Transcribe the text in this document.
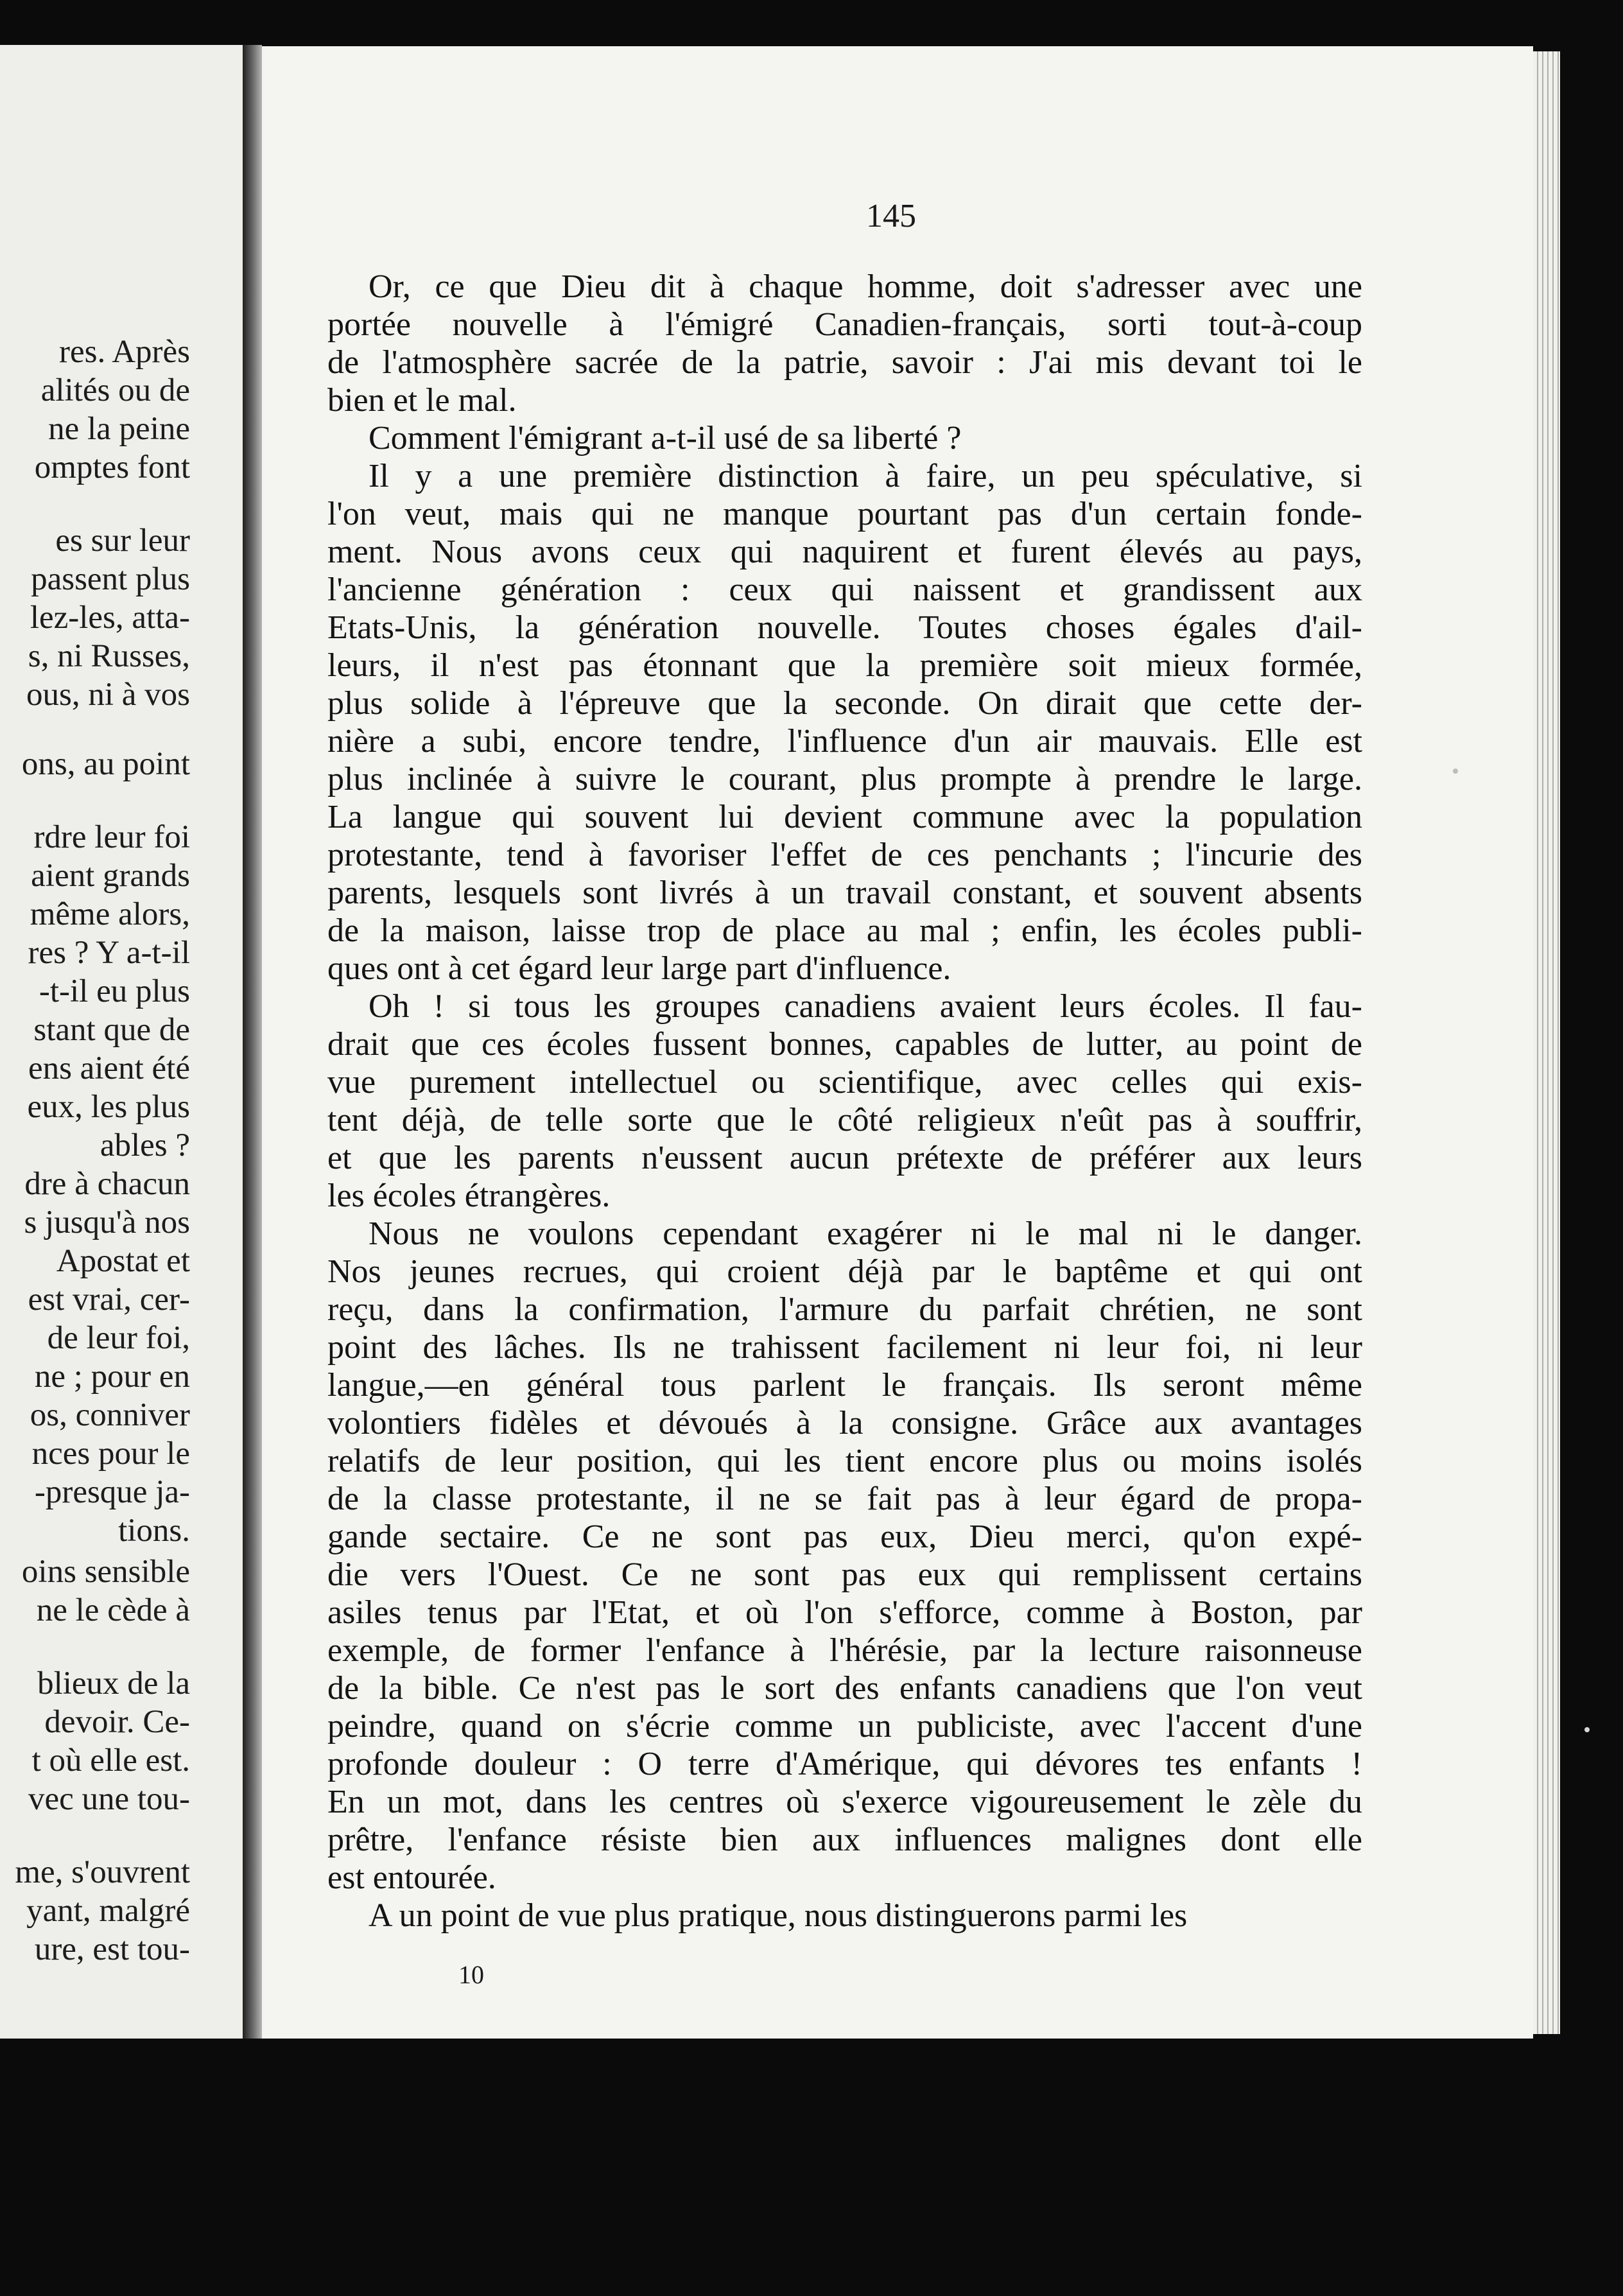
res. Après
alités ou de
ne la peine
omptes font
es sur leur
passent plus
lez-les, atta-
s, ni Russes,
ous, ni à vos
ons, au point
rdre leur foi
aient grands
même alors,
res ? Y a-t-il
-t-il eu plus
stant que de
ens aient été
eux, les plus
ables ?
dre à chacun
s jusqu'à nos
Apostat et
est vrai, cer-
de leur foi,
ne ; pour en
os, conniver
nces pour le
-presque ja-
tions.
oins sensible
ne le cède à
blieux de la
devoir. Ce-
t où elle est.
vec une tou-
me, s'ouvrent
yant, malgré
ure, est tou-
145
Or, ce que Dieu dit à chaque homme, doit s'adresser avec une
portée nouvelle à l'émigré Canadien-français, sorti tout-à-coup
de l'atmosphère sacrée de la patrie, savoir : J'ai mis devant toi le
bien et le mal.
Comment l'émigrant a-t-il usé de sa liberté ?
Il y a une première distinction à faire, un peu spéculative, si
l'on veut, mais qui ne manque pourtant pas d'un certain fonde-
ment. Nous avons ceux qui naquirent et furent élevés au pays,
l'ancienne génération : ceux qui naissent et grandissent aux
Etats-Unis, la génération nouvelle. Toutes choses égales d'ail-
leurs, il n'est pas étonnant que la première soit mieux formée,
plus solide à l'épreuve que la seconde. On dirait que cette der-
nière a subi, encore tendre, l'influence d'un air mauvais. Elle est
plus inclinée à suivre le courant, plus prompte à prendre le large.
La langue qui souvent lui devient commune avec la population
protestante, tend à favoriser l'effet de ces penchants ; l'incurie des
parents, lesquels sont livrés à un travail constant, et souvent absents
de la maison, laisse trop de place au mal ; enfin, les écoles publi-
ques ont à cet égard leur large part d'influence.
Oh ! si tous les groupes canadiens avaient leurs écoles. Il fau-
drait que ces écoles fussent bonnes, capables de lutter, au point de
vue purement intellectuel ou scientifique, avec celles qui exis-
tent déjà, de telle sorte que le côté religieux n'eût pas à souffrir,
et que les parents n'eussent aucun prétexte de préférer aux leurs
les écoles étrangères.
Nous ne voulons cependant exagérer ni le mal ni le danger.
Nos jeunes recrues, qui croient déjà par le baptême et qui ont
reçu, dans la confirmation, l'armure du parfait chrétien, ne sont
point des lâches. Ils ne trahissent facilement ni leur foi, ni leur
langue,—en général tous parlent le français. Ils seront même
volontiers fidèles et dévoués à la consigne. Grâce aux avantages
relatifs de leur position, qui les tient encore plus ou moins isolés
de la classe protestante, il ne se fait pas à leur égard de propa-
gande sectaire. Ce ne sont pas eux, Dieu merci, qu'on expé-
die vers l'Ouest. Ce ne sont pas eux qui remplissent certains
asiles tenus par l'Etat, et où l'on s'efforce, comme à Boston, par
exemple, de former l'enfance à l'hérésie, par la lecture raisonneuse
de la bible. Ce n'est pas le sort des enfants canadiens que l'on veut
peindre, quand on s'écrie comme un publiciste, avec l'accent d'une
profonde douleur : O terre d'Amérique, qui dévores tes enfants !
En un mot, dans les centres où s'exerce vigoureusement le zèle du
prêtre, l'enfance résiste bien aux influences malignes dont elle
est entourée.
A un point de vue plus pratique, nous distinguerons parmi les
10
